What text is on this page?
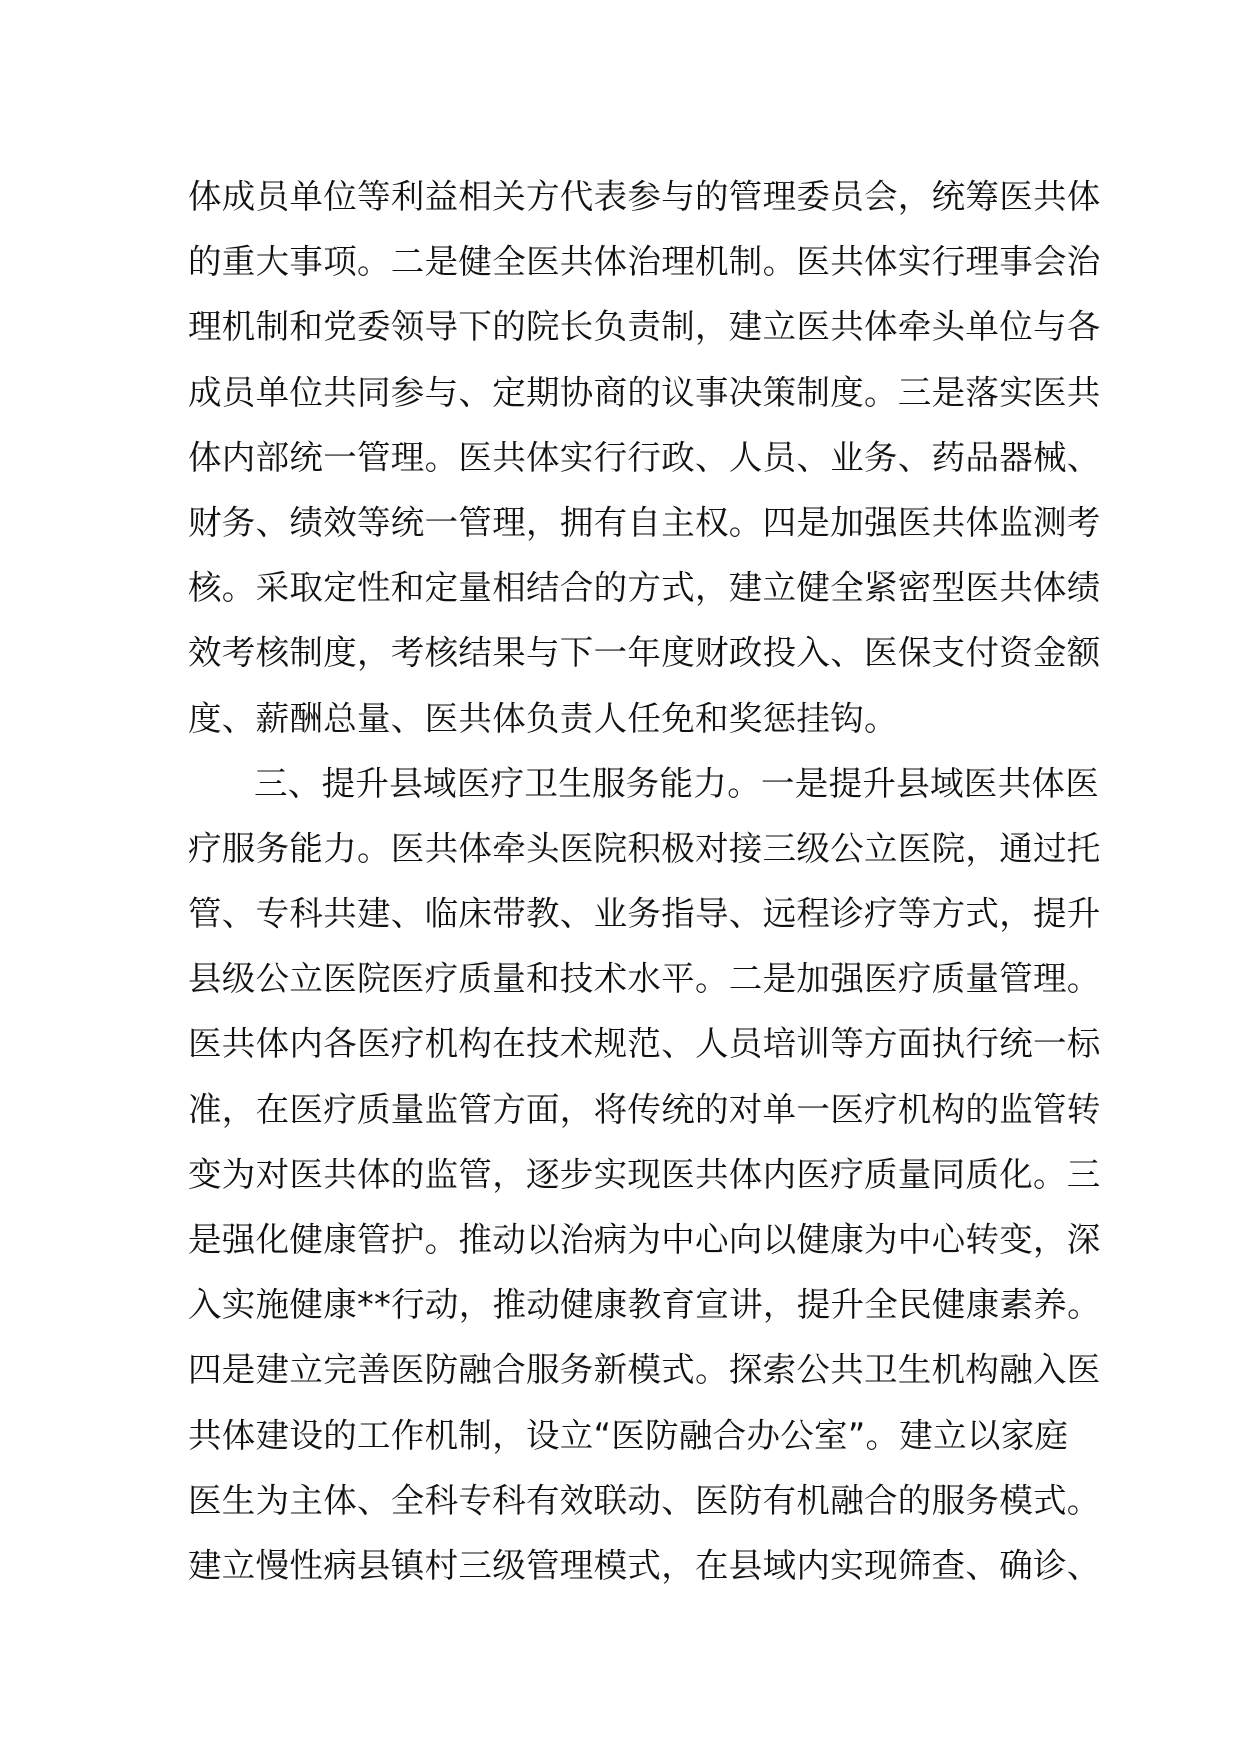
体成员单位等利益相关方代表参与的管理委员会，统筹医共体
的重大事项。二是健全医共体治理机制。医共体实行理事会治
理机制和党委领导下的院长负责制，建立医共体牵头单位与各
成员单位共同参与、定期协商的议事决策制度。三是落实医共
体内部统一管理。医共体实行行政、人员、业务、药品器械、
财务、绩效等统一管理，拥有自主权。四是加强医共体监测考
核。采取定性和定量相结合的方式，建立健全紧密型医共体绩
效考核制度，考核结果与下一年度财政投入、医保支付资金额
度、薪酬总量、医共体负责人任免和奖惩挂钩。
三、提升县域医疗卫生服务能力。一是提升县域医共体医
疗服务能力。医共体牵头医院积极对接三级公立医院，通过托
管、专科共建、临床带教、业务指导、远程诊疗等方式，提升
县级公立医院医疗质量和技术水平。二是加强医疗质量管理。
医共体内各医疗机构在技术规范、人员培训等方面执行统一标
准，在医疗质量监管方面，将传统的对单一医疗机构的监管转
变为对医共体的监管，逐步实现医共体内医疗质量同质化。三
是强化健康管护。推动以治病为中心向以健康为中心转变，深
入实施健康**行动，推动健康教育宣讲，提升全民健康素养。
四是建立完善医防融合服务新模式。探索公共卫生机构融入医
共体建设的工作机制，设立“医防融合办公室”。建立以家庭
医生为主体、全科专科有效联动、医防有机融合的服务模式。
建立慢性病县镇村三级管理模式，在县域内实现筛查、确诊、
